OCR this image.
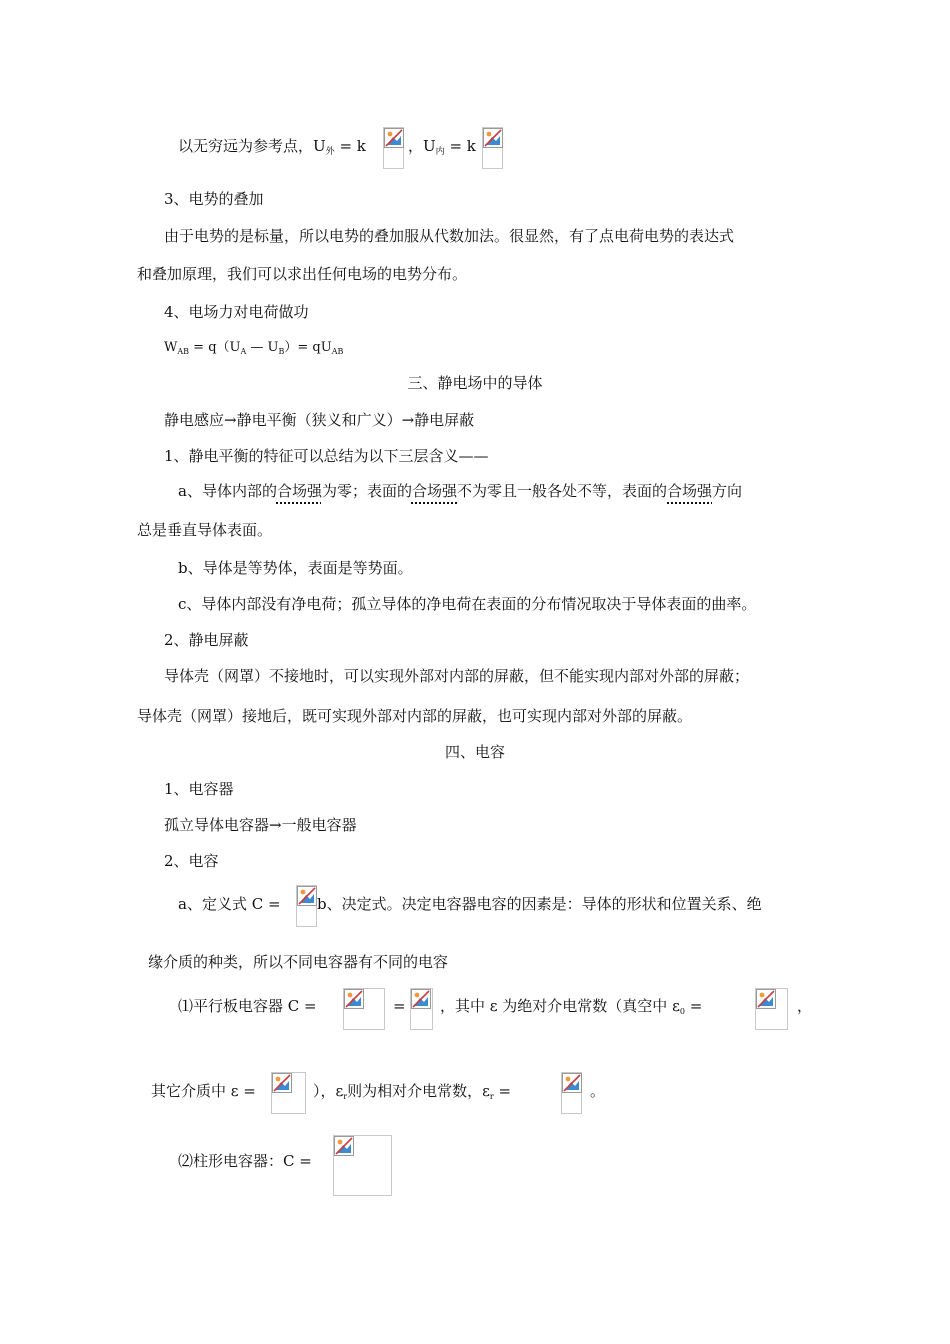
以无穷远为参考点，$U_外 = k$	，$U_内 = k$
3、电势的叠加
由于电势的是标量，所以电势的叠加服从代数加法。很显然，有了点电荷电势的表达式
和叠加原理，我们可以求出任何电场的电势分布。
4、电场力对电荷做功
$W_{AB} = q(U_A$ — $U_B)= qU_{AB}$
三、静电场中的导体
静电感应→静电平衡（狭义和广义）→静电屏蔽
1、静电平衡的特征可以总结为以下三层含义——
a、导体内部的合场强为零；表面的合场强不为零且一般各处不等，表面的合场强方向
总是垂直导体表面。
b、导体是等势体，表面是等势面。
c、导体内部没有净电荷；孤立导体的净电荷在表面的分布情况取决于导体表面的曲率。
2、静电屏蔽
导体壳（网罩）不接地时，可以实现外部对内部的屏蔽，但不能实现内部对外部的屏蔽；
导体壳（网罩）接地后，既可实现外部对内部的屏蔽，也可实现内部对外部的屏蔽。
四、电容
1、电容器
孤立导体电容器→一般电容器
2、电容
a、定义式 C = b、决定式。决定电容器电容的因素是：导体的形状和位置关系、绝
缘介质的种类，所以不同电容器有不同的电容
⑴平行板电容器 C =	= ，其中 ε 为绝对介电常数（真空中 $\varepsilon_0$ =	，
其它介质中 ε =	），$\varepsilon_r$则为相对介电常数，$\varepsilon_r$ =	。
⑵柱形电容器：C =
